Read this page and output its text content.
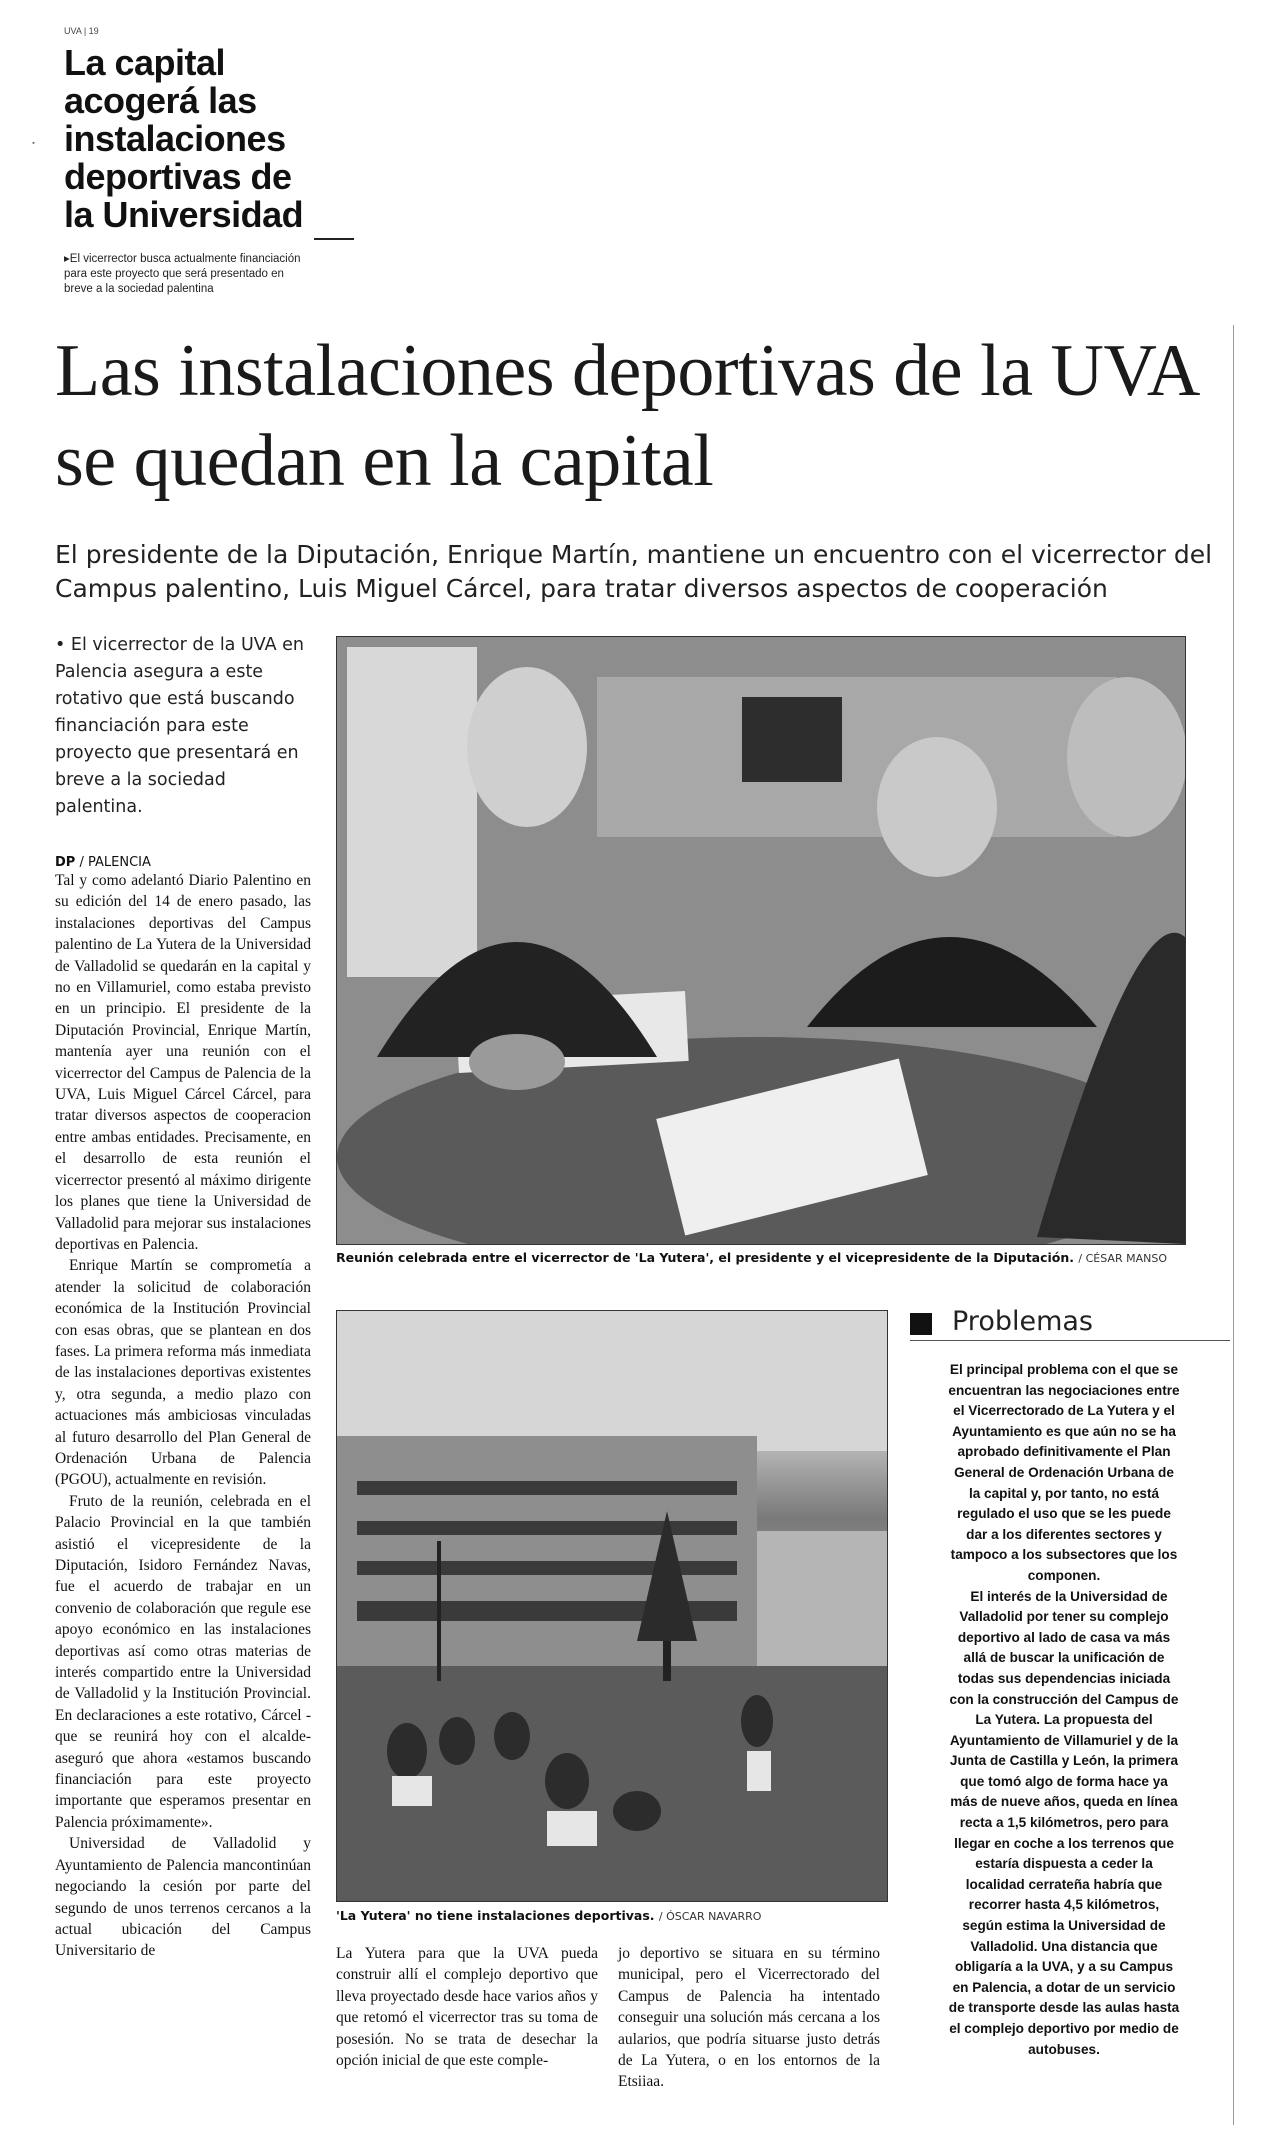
UVA | 19
▪
La capital acogerá las instalaciones deportivas de la Universidad
▸El vicerrector busca actualmente financiación para este proyecto que será presentado en breve a la sociedad palentina
Las instalaciones deportivas de la UVA se quedan en la capital
El presidente de la Diputación, Enrique Martín, mantiene un encuentro con el vicerrector del Campus palentino, Luis Miguel Cárcel, para tratar diversos aspectos de cooperación
• El vicerrector de la UVA en Palencia asegura a este rotativo que está buscando financiación para este proyecto que presentará en breve a la sociedad palentina.
DP / PALENCIA

Tal y como adelantó Diario Palentino en su edición del 14 de enero pasado, las instalaciones deportivas del Campus palentino de La Yutera de la Universidad de Valladolid se quedarán en la capital y no en Villamuriel, como estaba previsto en un principio. El presidente de la Diputación Provincial, Enrique Martín, mantenía ayer una reunión con el vicerrector del Campus de Palencia de la UVA, Luis Miguel Cárcel Cárcel, para tratar diversos aspectos de cooperacion entre ambas entidades. Precisamente, en el desarrollo de esta reunión el vicerrector presentó al máximo dirigente los planes que tiene la Universidad de Valladolid para mejorar sus instalaciones deportivas en Palencia.

Enrique Martín se comprometía a atender la solicitud de colaboración económica de la Institución Provincial con esas obras, que se plantean en dos fases. La primera reforma más inmediata de las instalaciones deportivas existentes y, otra segunda, a medio plazo con actuaciones más ambiciosas vinculadas al futuro desarrollo del Plan General de Ordenación Urbana de Palencia (PGOU), actualmente en revisión.

Fruto de la reunión, celebrada en el Palacio Provincial en la que también asistió el vicepresidente de la Diputación, Isidoro Fernández Navas, fue el acuerdo de trabajar en un convenio de colaboración que regule ese apoyo económico en las instalaciones deportivas así como otras materias de interés compartido entre la Universidad de Valladolid y la Institución Provincial. En declaraciones a este rotativo, Cárcel -que se reunirá hoy con el alcalde- aseguró que ahora «estamos buscando financiación para este proyecto importante que esperamos presentar en Palencia próximamente».

Universidad de Valladolid y Ayuntamiento de Palencia mancontinúan negociando la cesión por parte del segundo de unos terrenos cercanos a la actual ubicación del Campus Universitario de

Reunión celebrada entre el vicerrector de 'La Yutera', el presidente y el vicepresidente de la Diputación. / CÉSAR MANSO
'La Yutera' no tiene instalaciones deportivas. / ÓSCAR NAVARRO

La Yutera para que la UVA pueda construir allí el complejo deportivo que lleva proyectado desde hace varios años y que retomó el vicerrector tras su toma de posesión. No se trata de desechar la opción inicial de que este comple-

jo deportivo se situara en su término municipal, pero el Vicerrectorado del Campus de Palencia ha intentado conseguir una solución más cercana a los aularios, que podría situarse justo detrás de La Yutera, o en los entornos de la Etsiiaa.

Problemas

El principal problema con el que se encuentran las negociaciones entre el Vicerrectorado de La Yutera y el Ayuntamiento es que aún no se ha aprobado definitivamente el Plan General de Ordenación Urbana de la capital y, por tanto, no está regulado el uso que se les puede dar a los diferentes sectores y tampoco a los subsectores que los componen.

El interés de la Universidad de Valladolid por tener su complejo deportivo al lado de casa va más allá de buscar la unificación de todas sus dependencias iniciada con la construcción del Campus de La Yutera. La propuesta del Ayuntamiento de Villamuriel y de la Junta de Castilla y León, la primera que tomó algo de forma hace ya más de nueve años, queda en línea recta a 1,5 kilómetros, pero para llegar en coche a los terrenos que estaría dispuesta a ceder la localidad cerrateña habría que recorrer hasta 4,5 kilómetros, según estima la Universidad de Valladolid. Una distancia que obligaría a la UVA, y a su Campus en Palencia, a dotar de un servicio de transporte desde las aulas hasta el complejo deportivo por medio de autobuses.
